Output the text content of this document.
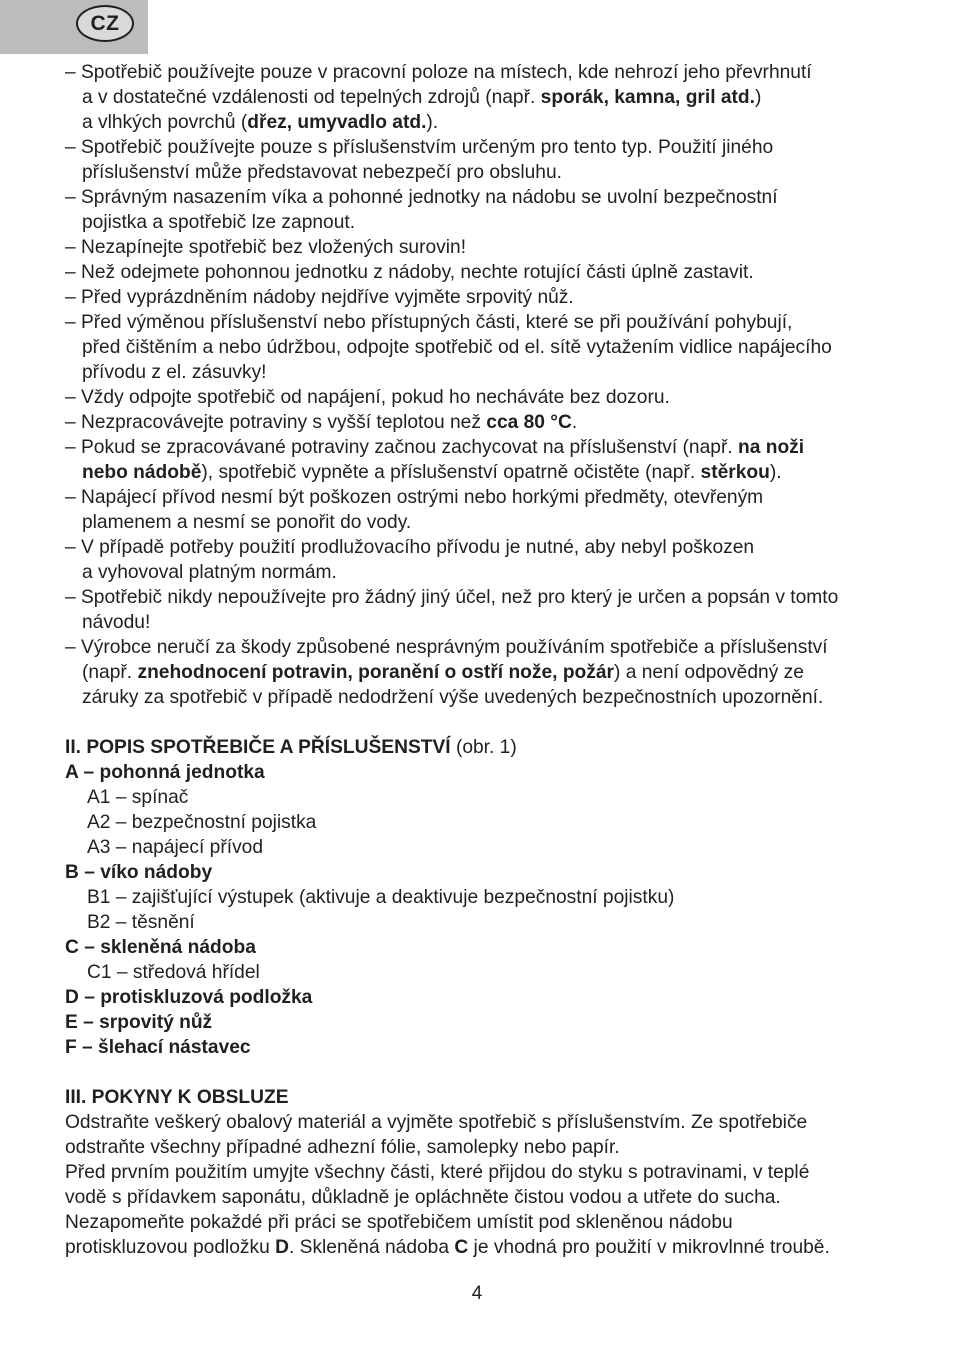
CZ
– Spotřebič používejte pouze v pracovní poloze na místech, kde nehrozí jeho převrhnutí
a v dostatečné vzdálenosti od tepelných zdrojů (např. sporák, kamna, gril atd.)
a vlhkých povrchů (dřez, umyvadlo atd.).
– Spotřebič používejte pouze s příslušenstvím určeným pro tento typ. Použití jiného
příslušenství může představovat nebezpečí pro obsluhu.
– Správným nasazením víka a pohonné jednotky na nádobu se uvolní bezpečnostní
pojistka a spotřebič lze zapnout.
– Nezapínejte spotřebič bez vložených surovin!
– Než odejmete pohonnou jednotku z nádoby, nechte rotující části úplně zastavit.
– Před vyprázdněním nádoby nejdříve vyjměte srpovitý nůž.
– Před výměnou příslušenství nebo přístupných části, které se při používání pohybují,
před čištěním a nebo údržbou, odpojte spotřebič od el. sítě vytažením vidlice napájecího
přívodu z el. zásuvky!
– Vždy odpojte spotřebič od napájení, pokud ho necháváte bez dozoru.
– Nezpracovávejte potraviny s vyšší teplotou než cca 80 °C.
– Pokud se zpracovávané potraviny začnou zachycovat na příslušenství (např. na noži
nebo nádobě), spotřebič vypněte a příslušenství opatrně očistěte (např. stěrkou).
– Napájecí přívod nesmí být poškozen ostrými nebo horkými předměty, otevřeným
plamenem a nesmí se ponořit do vody.
– V případě potřeby použití prodlužovacího přívodu je nutné, aby nebyl poškozen
a vyhovoval platným normám.
– Spotřebič nikdy nepoužívejte pro žádný jiný účel, než pro který je určen a popsán v tomto
návodu!
– Výrobce neručí za škody způsobené nesprávným používáním spotřebiče a příslušenství
(např. znehodnocení potravin, poranění o ostří nože, požár) a není odpovědný ze
záruky za spotřebič v případě nedodržení výše uvedených bezpečnostních upozornění.
II. POPIS SPOTŘEBIČE A PŘÍSLUŠENSTVÍ (obr. 1)
A – pohonná jednotka
A1 – spínač
A2 – bezpečnostní pojistka
A3 – napájecí přívod
B – víko nádoby
B1 – zajišťující výstupek (aktivuje a deaktivuje bezpečnostní pojistku)
B2 – těsnění
C – skleněná nádoba
C1 – středová hřídel
D – protiskluzová podložka
E – srpovitý nůž
F – šlehací nástavec
III. POKYNY K OBSLUZE
Odstraňte veškerý obalový materiál a vyjměte spotřebič s příslušenstvím. Ze spotřebiče
odstraňte všechny případné adhezní fólie, samolepky nebo papír.
Před prvním použitím umyjte všechny části, které přijdou do styku s potravinami, v teplé
vodě s přídavkem saponátu, důkladně je opláchněte čistou vodou a utřete do sucha.
Nezapomeňte pokaždé při práci se spotřebičem umístit pod skleněnou nádobu
protiskluzovou podložku D. Skleněná nádoba C je vhodná pro použití v mikrovlnné troubě.
4
